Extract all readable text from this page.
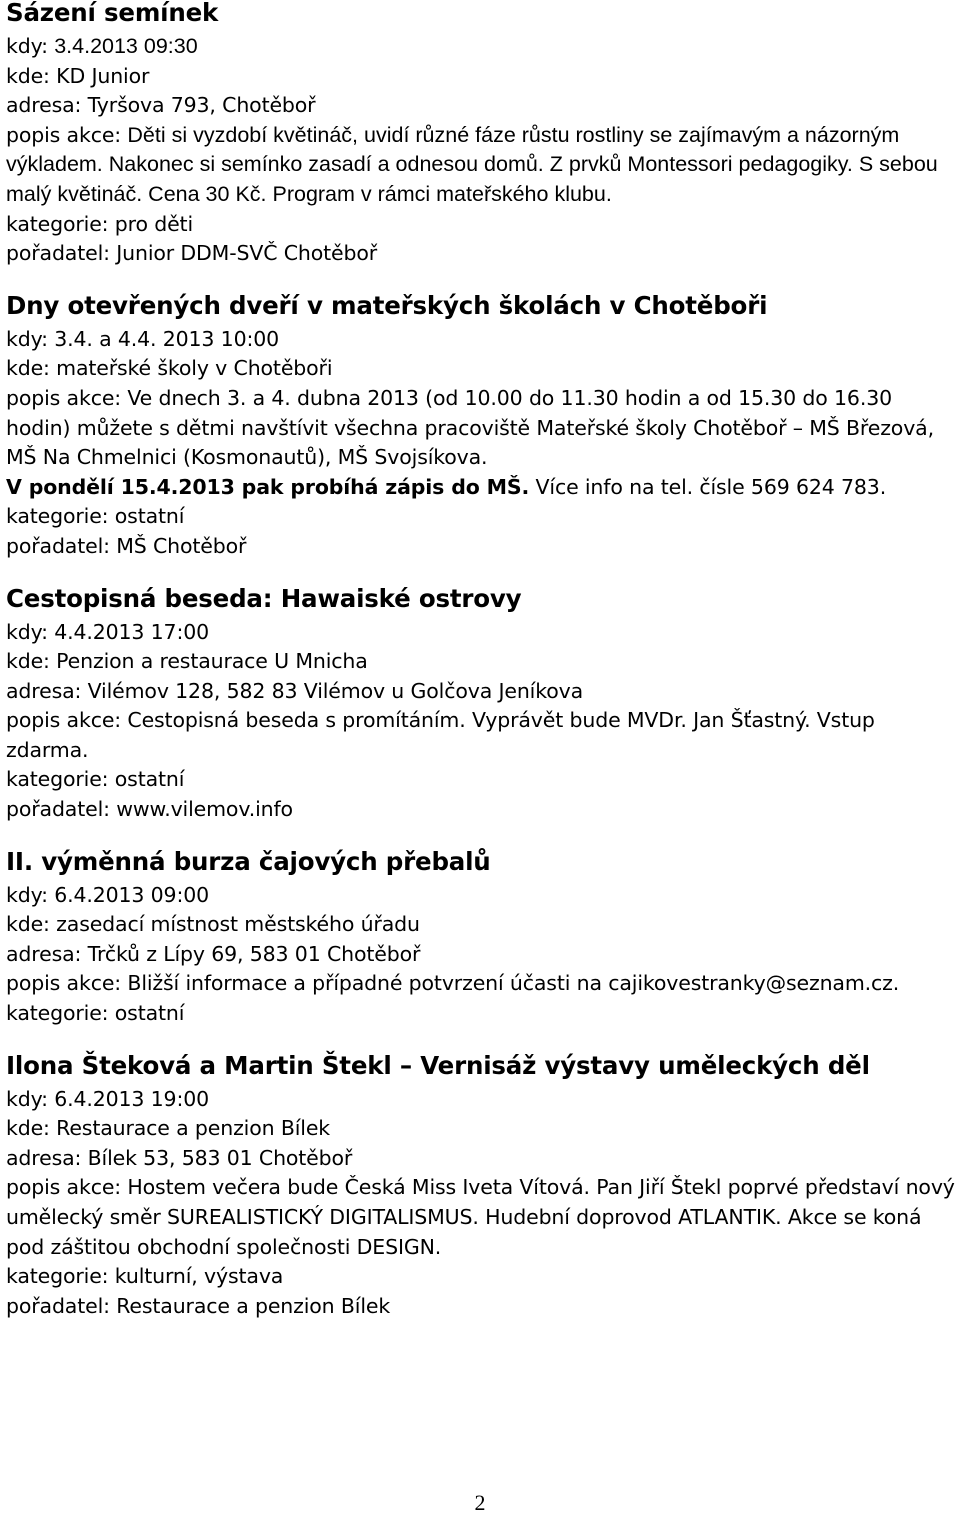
Sázení semínek

kdy: 3.4.2013 09:30

kde: KD Junior

adresa: Tyršova 793, Chotěboř

popis akce: Děti si vyzdobí květináč, uvidí různé fáze růstu rostliny se zajímavým a názorným výkladem. Nakonec si semínko zasadí a odnesou domů. Z prvků Montessori pedagogiky. S sebou malý květináč. Cena 30 Kč. Program v rámci mateřského klubu.

kategorie: pro děti

pořadatel: Junior DDM-SVČ Chotěboř

Dny otevřených dveří v mateřských školách v Chotěboři

kdy: 3.4. a 4.4. 2013 10:00

kde: mateřské školy v Chotěboři

popis akce: Ve dnech 3. a 4. dubna 2013 (od 10.00 do 11.30 hodin a od 15.30 do 16.30 hodin) můžete s dětmi navštívit všechna pracoviště Mateřské školy Chotěboř – MŠ Březová, MŠ Na Chmelnici (Kosmonautů), MŠ Svojsíkova.
V pondělí 15.4.2013 pak probíhá zápis do MŠ. Více info na tel. čísle 569 624 783.

kategorie: ostatní

pořadatel: MŠ Chotěboř

Cestopisná beseda: Hawaiské ostrovy

kdy: 4.4.2013 17:00

kde: Penzion a restaurace U Mnicha

adresa: Vilémov 128, 582 83 Vilémov u Golčova Jeníkova

popis akce: Cestopisná beseda s promítáním. Vyprávět bude MVDr. Jan Šťastný. Vstup zdarma.

kategorie: ostatní

pořadatel: www.vilemov.info

II. výměnná burza čajových přebalů

kdy: 6.4.2013 09:00

kde: zasedací místnost městského úřadu

adresa: Trčků z Lípy 69, 583 01 Chotěboř

popis akce: Bližší informace a případné potvrzení účasti na cajikovestranky@seznam.cz.

kategorie: ostatní

Ilona Šteková a Martin Štekl – Vernisáž výstavy uměleckých děl

kdy: 6.4.2013 19:00

kde: Restaurace a penzion Bílek

adresa: Bílek 53, 583 01 Chotěboř

popis akce: Hostem večera bude Česká Miss Iveta Vítová. Pan Jiří Štekl poprvé představí nový umělecký směr SUREALISTICKÝ DIGITALISMUS. Hudební doprovod ATLANTIK. Akce se koná pod záštitou obchodní společnosti DESIGN.

kategorie: kulturní, výstava

pořadatel: Restaurace a penzion Bílek

2
